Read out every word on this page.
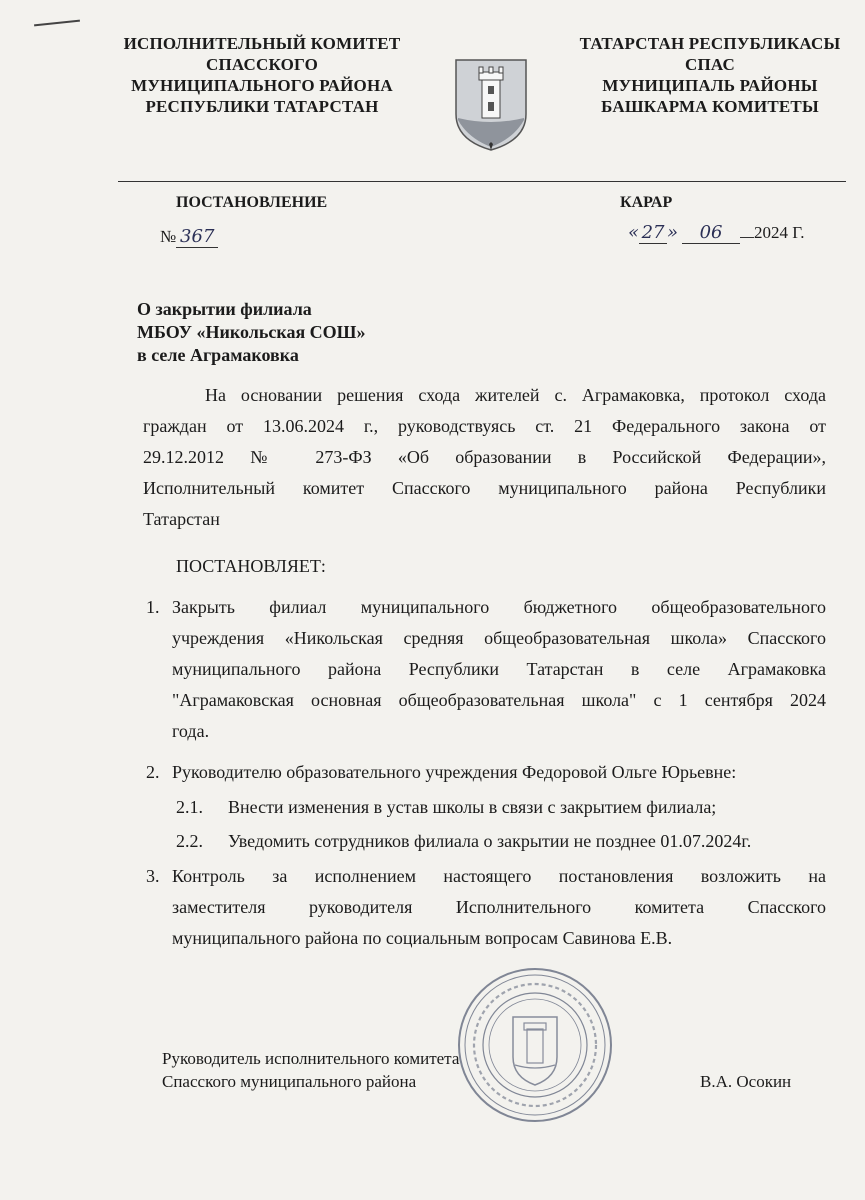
ИСПОЛНИТЕЛЬНЫЙ КОМИТЕТ
СПАССКОГО
МУНИЦИПАЛЬНОГО РАЙОНА
РЕСПУБЛИКИ ТАТАРСТАН
ТАТАРСТАН РЕСПУБЛИКАСЫ
СПАС
МУНИЦИПАЛЬ РАЙОНЫ
БАШКАРМА КОМИТЕТЫ
ПОСТАНОВЛЕНИЕ	КАРАР
№ 367	« 27 » 06 2024 Г.
О закрытии филиала
МБОУ «Никольская СОШ»
в селе Аграмаковка
На основании решения схода жителей с. Аграмаковка, протокол схода
граждан от 13.06.2024 г., руководствуясь ст. 21 Федерального закона от
29.12.2012 № 273-ФЗ «Об образовании в Российской Федерации»,
Исполнительный комитет Спасского муниципального района Республики
Татарстан
ПОСТАНОВЛЯЕТ:
1. Закрыть филиал муниципального бюджетного общеобразовательного
учреждения «Никольская средняя общеобразовательная школа» Спасского
муниципального района Республики Татарстан в селе Аграмаковка
"Аграмаковская основная общеобразовательная школа" с 1 сентября 2024
года.
2. Руководителю образовательного учреждения Федоровой Ольге Юрьевне:
2.1. Внести изменения в устав школы в связи с закрытием филиала;
2.2. Уведомить сотрудников филиала о закрытии не позднее 01.07.2024г.
3. Контроль за исполнением настоящего постановления возложить на
заместителя руководителя Исполнительного комитета Спасского
муниципального района по социальным вопросам Савинова Е.В.
Руководитель исполнительного комитета
Спасского муниципального района	В.А. Осокин
